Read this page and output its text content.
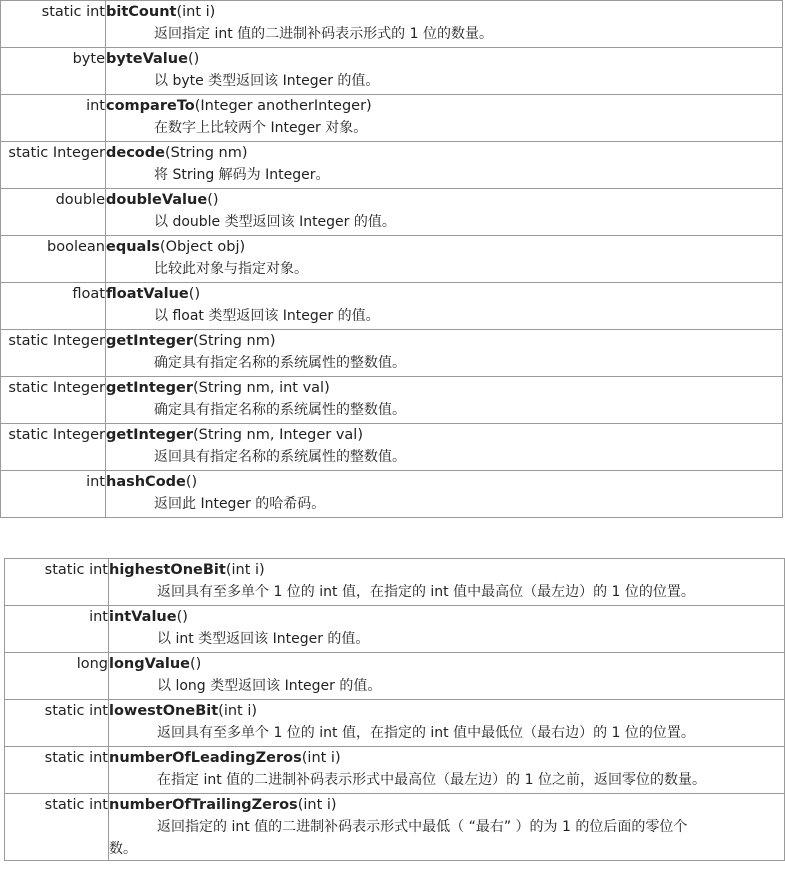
static int	bitCount(int i)
返回指定 int 值的二进制补码表示形式的 1 位的数量。

byte	byteValue()
以 byte 类型返回该 Integer 的值。

int	compareTo(Integer anotherInteger)
在数字上比较两个 Integer 对象。

static Integer	decode(String nm)
将 String 解码为 Integer。

double	doubleValue()
以 double 类型返回该 Integer 的值。

boolean	equals(Object obj)
比较此对象与指定对象。

float	floatValue()
以 float 类型返回该 Integer 的值。

static Integer	getInteger(String nm)
确定具有指定名称的系统属性的整数值。

static Integer	getInteger(String nm, int val)
确定具有指定名称的系统属性的整数值。

static Integer	getInteger(String nm, Integer val)
返回具有指定名称的系统属性的整数值。

int	hashCode()
返回此 Integer 的哈希码。
static int	highestOneBit(int i)
返回具有至多单个 1 位的 int 值，在指定的 int 值中最高位（最左边）的 1 位的位置。

int	intValue()
以 int 类型返回该 Integer 的值。

long	longValue()
以 long 类型返回该 Integer 的值。

static int	lowestOneBit(int i)
返回具有至多单个 1 位的 int 值，在指定的 int 值中最低位（最右边）的 1 位的位置。

static int	numberOfLeadingZeros(int i)
在指定 int 值的二进制补码表示形式中最高位（最左边）的 1 位之前，返回零位的数量。

static int	numberOfTrailingZeros(int i)
返回指定的 int 值的二进制补码表示形式中最低（ “最右” ）的为 1 的位后面的零位个
数。
